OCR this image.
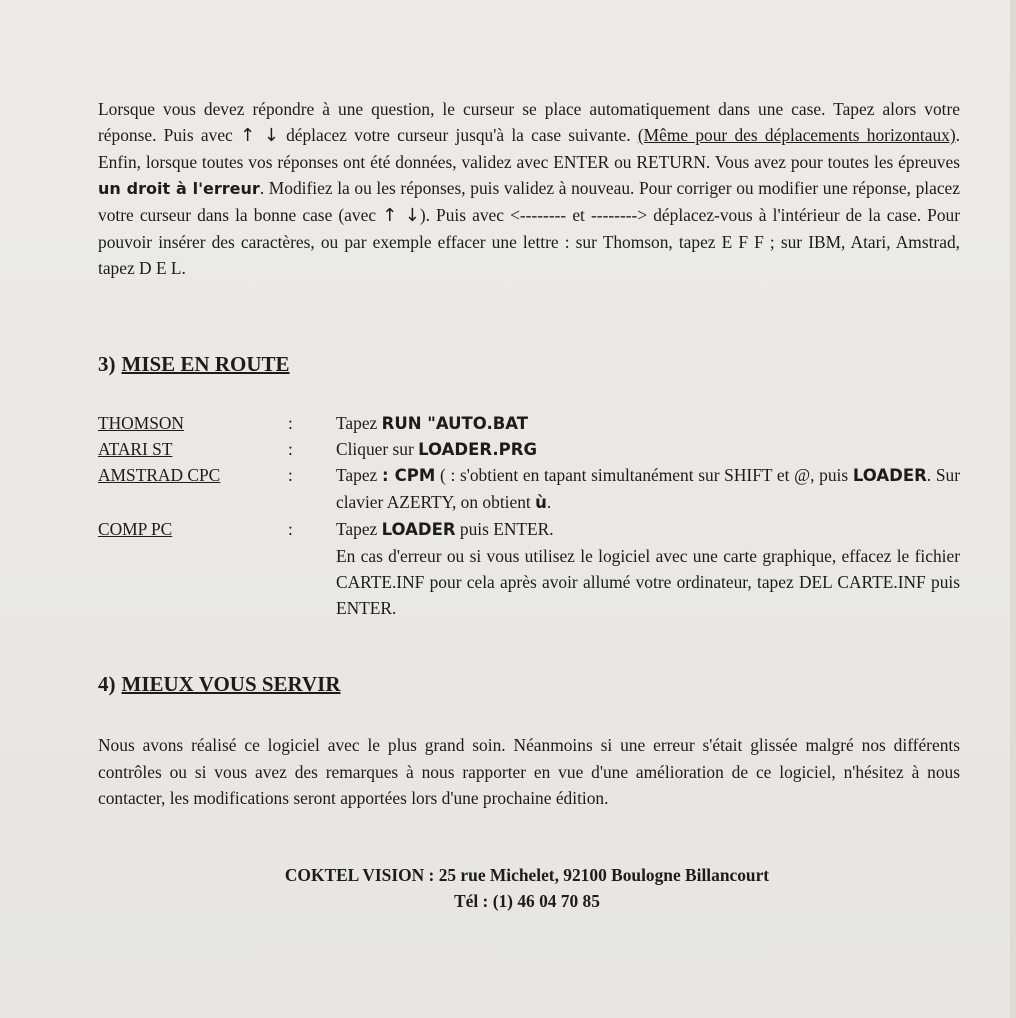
Lorsque vous devez répondre à une question, le curseur se place automatiquement dans une case. Tapez alors votre réponse. Puis avec ↑ ↓ déplacez votre curseur jusqu'à la case suivante. (Même pour des déplacements horizontaux). Enfin, lorsque toutes vos réponses ont été données, validez avec ENTER ou RETURN. Vous avez pour toutes les épreuves un droit à l'erreur. Modifiez la ou les réponses, puis validez à nouveau. Pour corriger ou modifier une réponse, placez votre curseur dans la bonne case (avec ↑ ↓). Puis avec <-------- et --------> déplacez-vous à l'intérieur de la case. Pour pouvoir insérer des caractères, ou par exemple effacer une lettre : sur Thomson, tapez E F F ; sur IBM, Atari, Amstrad, tapez D E L.
3) MISE EN ROUTE
THOMSON	: Tapez RUN "AUTO.BAT
ATARI ST	: Cliquer sur LOADER.PRG
AMSTRAD CPC	: Tapez : CPM ( : s'obtient en tapant simultanément sur SHIFT et @, puis LOADER. Sur clavier AZERTY, on obtient ù.
COMP PC	: Tapez LOADER puis ENTER.
En cas d'erreur ou si vous utilisez le logiciel avec une carte graphique, effacez le fichier CARTE.INF pour cela après avoir allumé votre ordinateur, tapez DEL CARTE.INF puis ENTER.
4) MIEUX VOUS SERVIR
Nous avons réalisé ce logiciel avec le plus grand soin. Néanmoins si une erreur s'était glissée malgré nos différents contrôles ou si vous avez des remarques à nous rapporter en vue d'une amélioration de ce logiciel, n'hésitez à nous contacter, les modifications seront apportées lors d'une prochaine édition.
COKTEL VISION : 25 rue Michelet, 92100 Boulogne Billancourt
Tél : (1) 46 04 70 85
